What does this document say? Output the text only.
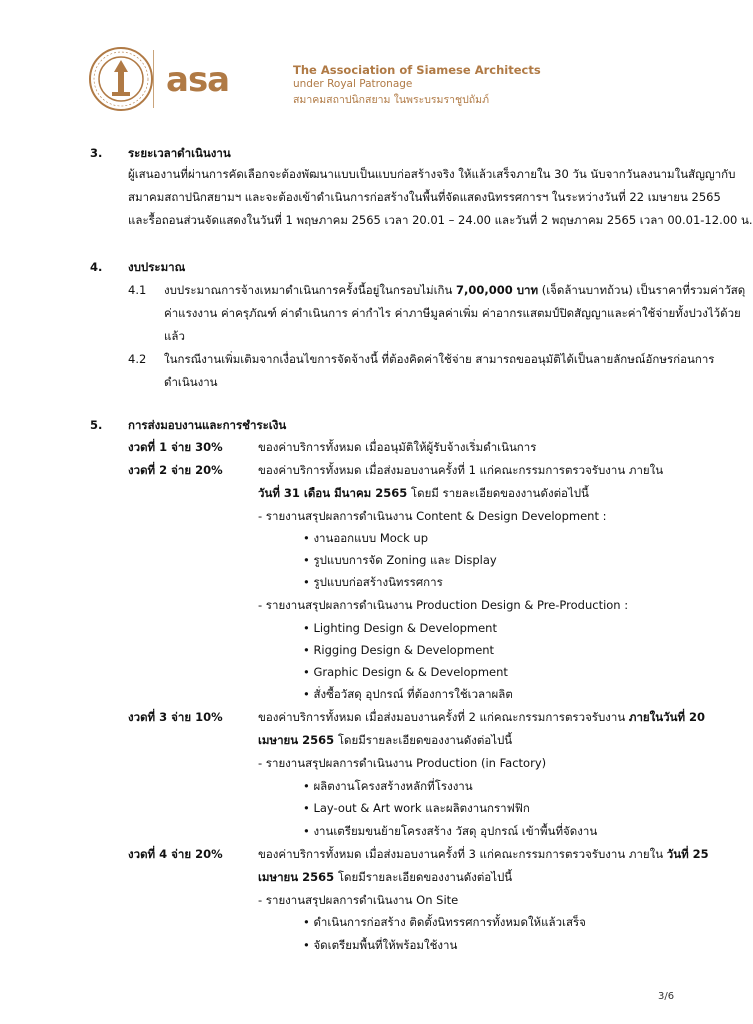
asa	The Association of Siamese Architects
under Royal Patronage
สมาคมสถาปนิกสยาม ในพระบรมราชูปถัมภ์
3. ระยะเวลาดำเนินงาน
ผู้เสนองานที่ผ่านการคัดเลือกจะต้องพัฒนาแบบเป็นแบบก่อสร้างจริง ให้แล้วเสร็จภายใน 30 วัน นับจากวันลงนามในสัญญากับ
สมาคมสถาปนิกสยามฯ และจะต้องเข้าดำเนินการก่อสร้างในพื้นที่จัดแสดงนิทรรศการฯ ในระหว่างวันที่ 22 เมษายน 2565
และรื้อถอนส่วนจัดแสดงในวันที่ 1 พฤษภาคม 2565 เวลา 20.01 – 24.00 และวันที่ 2 พฤษภาคม 2565 เวลา 00.01-12.00 น.
4. งบประมาณ
4.1 งบประมาณการจ้างเหมาดำเนินการครั้งนี้อยู่ในกรอบไม่เกิน 7,00,000 บาท (เจ็ดล้านบาทถ้วน) เป็นราคาที่รวมค่าวัสดุ
ค่าแรงงาน ค่าครุภัณฑ์ ค่าดำเนินการ ค่ากำไร ค่าภาษีมูลค่าเพิ่ม ค่าอากรแสตมป์ปิดสัญญาและค่าใช้จ่ายทั้งปวงไว้ด้วย
แล้ว
4.2 ในกรณีงานเพิ่มเติมจากเงื่อนไขการจัดจ้างนี้ ที่ต้องคิดค่าใช้จ่าย สามารถขออนุมัติได้เป็นลายลักษณ์อักษรก่อนการ
ดำเนินงาน
5. การส่งมอบงานและการชำระเงิน
งวดที่ 1 จ่าย 30%	ของค่าบริการทั้งหมด เมื่ออนุมัติให้ผู้รับจ้างเริ่มดำเนินการ
งวดที่ 2 จ่าย 20%	ของค่าบริการทั้งหมด เมื่อส่งมอบงานครั้งที่ 1 แก่คณะกรรมการตรวจรับงาน ภายใน
วันที่ 31 เดือน มีนาคม 2565 โดยมี รายละเอียดของงานดังต่อไปนี้
- รายงานสรุปผลการดำเนินงาน Content & Design Development :
• งานออกแบบ Mock up
• รูปแบบการจัด Zoning และ Display
• รูปแบบก่อสร้างนิทรรศการ
- รายงานสรุปผลการดำเนินงาน Production Design & Pre-Production :
• Lighting Design & Development
• Rigging Design & Development
• Graphic Design & & Development
• สั่งซื้อวัสดุ อุปกรณ์ ที่ต้องการใช้เวลาผลิต
งวดที่ 3 จ่าย 10%	ของค่าบริการทั้งหมด เมื่อส่งมอบงานครั้งที่ 2 แก่คณะกรรมการตรวจรับงาน ภายในวันที่ 20
เมษายน 2565 โดยมีรายละเอียดของงานดังต่อไปนี้
- รายงานสรุปผลการดำเนินงาน Production (in Factory)
• ผลิตงานโครงสร้างหลักที่โรงงาน
• Lay-out & Art work และผลิตงานกราฟฟิก
• งานเตรียมขนย้ายโครงสร้าง วัสดุ อุปกรณ์ เข้าพื้นที่จัดงาน
งวดที่ 4 จ่าย 20%	ของค่าบริการทั้งหมด เมื่อส่งมอบงานครั้งที่ 3 แก่คณะกรรมการตรวจรับงาน ภายใน วันที่ 25
เมษายน 2565 โดยมีรายละเอียดของงานดังต่อไปนี้
- รายงานสรุปผลการดำเนินงาน On Site
• ดำเนินการก่อสร้าง ติดตั้งนิทรรศการทั้งหมดให้แล้วเสร็จ
• จัดเตรียมพื้นที่ให้พร้อมใช้งาน
3/6
